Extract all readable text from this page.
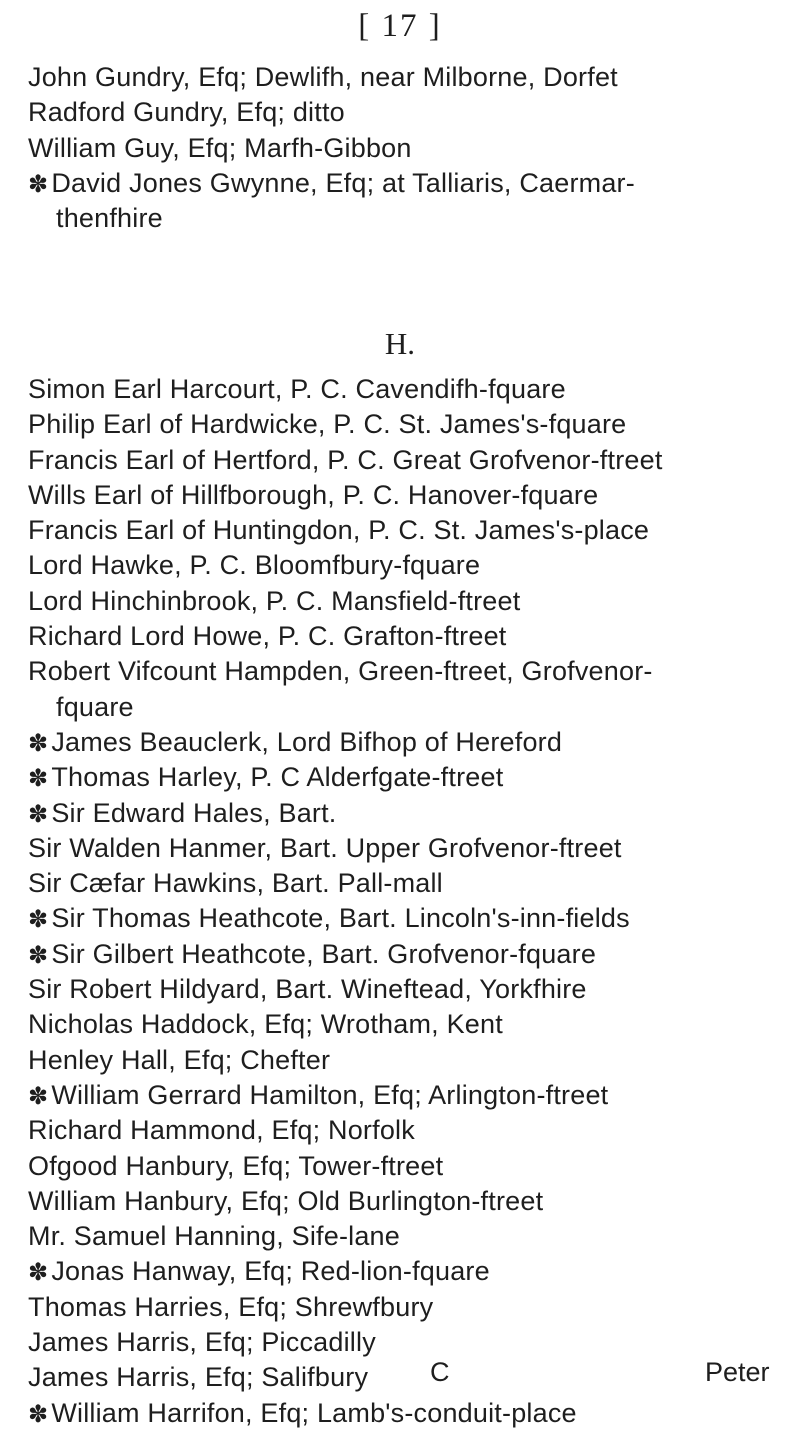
[ 17 ]
John Gundry, Efq; Dewlifh, near Milborne, Dorfet
Radford Gundry, Efq; ditto
William Guy, Efq; Marfh-Gibbon
✽ David Jones Gwynne, Efq; at Talliaris, Caermar-
thenfhire
H.
Simon Earl Harcourt, P. C. Cavendifh-fquare
Philip Earl of Hardwicke, P. C. St. James's-fquare
Francis Earl of Hertford, P. C. Great Grofvenor-ftreet
Wills Earl of Hillfborough, P. C. Hanover-fquare
Francis Earl of Huntingdon, P. C. St. James's-place
Lord Hawke, P. C. Bloomfbury-fquare
Lord Hinchinbrook, P. C. Mansfield-ftreet
Richard Lord Howe, P. C. Grafton-ftreet
Robert Vifcount Hampden, Green-ftreet, Grofvenor-
fquare
✽ James Beauclerk, Lord Bifhop of Hereford
✽ Thomas Harley, P. C Alderfgate-ftreet
✽ Sir Edward Hales, Bart.
Sir Walden Hanmer, Bart. Upper Grofvenor-ftreet
Sir Cæfar Hawkins, Bart. Pall-mall
✽ Sir Thomas Heathcote, Bart. Lincoln's-inn-fields
✽ Sir Gilbert Heathcote, Bart. Grofvenor-fquare
Sir Robert Hildyard, Bart. Wineftead, Yorkfhire
Nicholas Haddock, Efq; Wrotham, Kent
Henley Hall, Efq; Chefter
✽ William Gerrard Hamilton, Efq; Arlington-ftreet
Richard Hammond, Efq; Norfolk
Ofgood Hanbury, Efq; Tower-ftreet
William Hanbury, Efq; Old Burlington-ftreet
Mr. Samuel Hanning, Sife-lane
✽ Jonas Hanway, Efq; Red-lion-fquare
Thomas Harries, Efq; Shrewfbury
James Harris, Efq; Piccadilly
James Harris, Efq; Salifbury
✽ William Harrifon, Efq; Lamb's-conduit-place
C	Peter
